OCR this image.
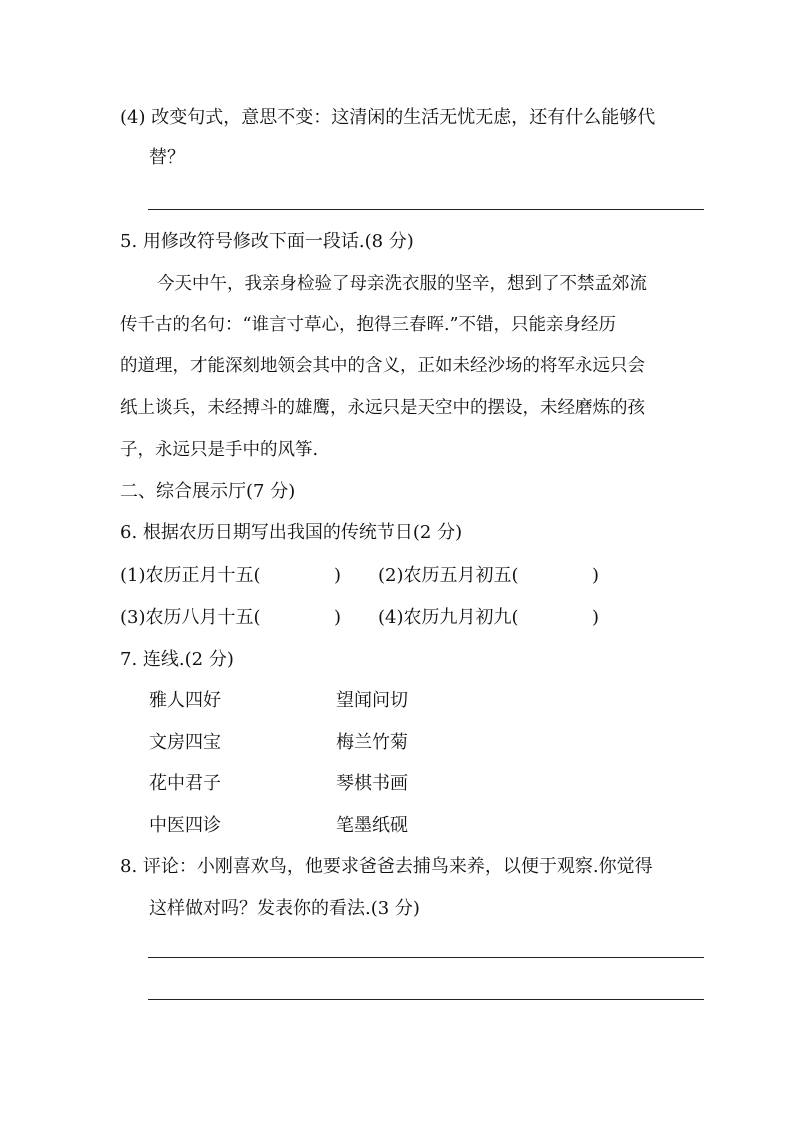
(4) 改变句式，意思不变：这清闲的生活无忧无虑，还有什么能够代
替？
5. 用修改符号修改下面一段话.(8 分)
今天中午，我亲身检验了母亲洗衣服的坚辛，想到了不禁孟郊流
传千古的名句：“谁言寸草心，抱得三春晖.”不错，只能亲身经历
的道理，才能深刻地领会其中的含义，正如未经沙场的将军永远只会
纸上谈兵，未经搏斗的雄鹰，永远只是天空中的摆设，未经磨炼的孩
子，永远只是手中的风筝.
二、综合展示厅(7 分)
6. 根据农历日期写出我国的传统节日(2 分)
(1)农历正月十五(	) (2)农历五月初五(	)
(3)农历八月十五(	) (4)农历九月初九(	)
7. 连线.(2 分)
雅人四好	望闻问切
文房四宝	梅兰竹菊
花中君子	琴棋书画
中医四诊	笔墨纸砚
8. 评论：小刚喜欢鸟，他要求爸爸去捕鸟来养，以便于观察.你觉得
这样做对吗？发表你的看法.(3 分)
